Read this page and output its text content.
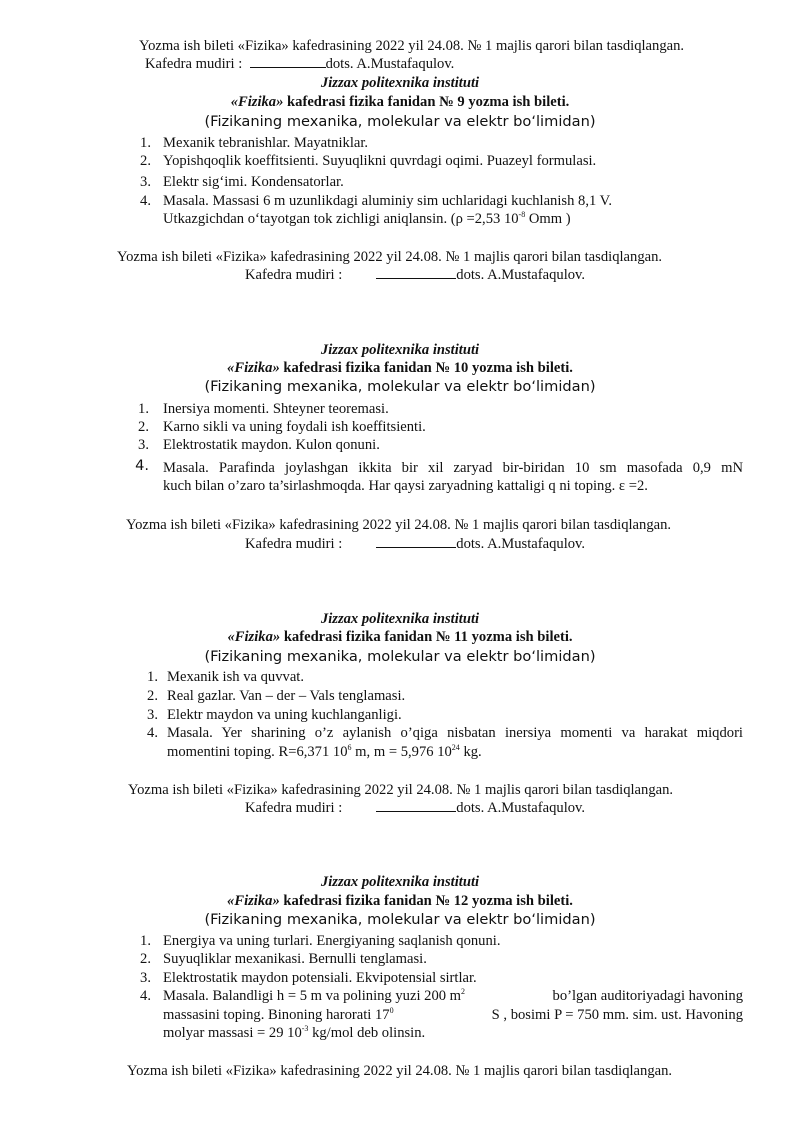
Yozma ish bileti «Fizika» kafedrasining 2022 yil 24.08. № 1 majlis qarori bilan tasdiqlangan.
Kafedra mudiri :	dots. A.Mustafaqulov.
Jizzax politexnika instituti
«Fizika» kafedrasi fizika fanidan № 9 yozma ish bileti.
(Fizikaning mexanika, molekular va elektr bo‘limidan)
1. Mexanik tebranishlar. Mayatniklar.
2. Yopishqoqlik koeffitsienti. Suyuqlikni quvrdagi oqimi. Puazeyl formulasi.
3. Elektr sig‘imi. Kondensatorlar.
4. Masala. Massasi 6 m uzunlikdagi aluminiy sim uchlaridagi kuchlanish 8,1 V.
Utkazgichdan o‘tayotgan tok zichligi aniqlansin. (ρ =2,53 $10^{-8}$ Omm )
Yozma ish bileti «Fizika» kafedrasining 2022 yil 24.08. № 1 majlis qarori bilan tasdiqlangan.
Kafedra mudiri :	dots. A.Mustafaqulov.
Jizzax politexnika instituti
«Fizika» kafedrasi fizika fanidan № 10 yozma ish bileti.
(Fizikaning mexanika, molekular va elektr bo‘limidan)
1. Inersiya momenti. Shteyner teoremasi.
2. Karno sikli va uning foydali ish koeffitsienti.
3. Elektrostatik maydon. Kulon qonuni.
4. Masala. Parafinda joylashgan ikkita bir xil zaryad bir-biridan 10 sm masofada 0,9 mN
kuch bilan o’zaro ta’sirlashmoqda. Har qaysi zaryadning kattaligi q ni toping. ε =2.
Yozma ish bileti «Fizika» kafedrasining 2022 yil 24.08. № 1 majlis qarori bilan tasdiqlangan.
Kafedra mudiri :	dots. A.Mustafaqulov.
Jizzax politexnika instituti
«Fizika» kafedrasi fizika fanidan № 11 yozma ish bileti.
(Fizikaning mexanika, molekular va elektr bo‘limidan)
1. Mexanik ish va quvvat.
2. Real gazlar. Van – der – Vals tenglamasi.
3. Elektr maydon va uning kuchlanganligi.
4. Masala. Yer sharining o’z aylanish o’qiga nisbatan inersiya momenti va harakat miqdori
momentini toping. R=6,371 $10^6$ m, m = 5,976 $10^{24}$ kg.
Yozma ish bileti «Fizika» kafedrasining 2022 yil 24.08. № 1 majlis qarori bilan tasdiqlangan.
Kafedra mudiri :	dots. A.Mustafaqulov.
Jizzax politexnika instituti
«Fizika» kafedrasi fizika fanidan № 12 yozma ish bileti.
(Fizikaning mexanika, molekular va elektr bo‘limidan)
1. Energiya va uning turlari. Energiyaning saqlanish qonuni.
2. Suyuqliklar mexanikasi. Bernulli tenglamasi.
3. Elektrostatik maydon potensiali. Ekvipotensial sirtlar.
4. Masala. Balandligi h = 5 m va polining yuzi 200 $m^2$	bo’lgan auditoriyadagi havoning
massasini toping. Binoning harorati $17^0$	S , bosimi P = 750 mm. sim. ust. Havoning
molyar massasi = 29 $10^{-3}$ kg/mol deb olinsin.
Yozma ish bileti «Fizika» kafedrasining 2022 yil 24.08. № 1 majlis qarori bilan tasdiqlangan.
